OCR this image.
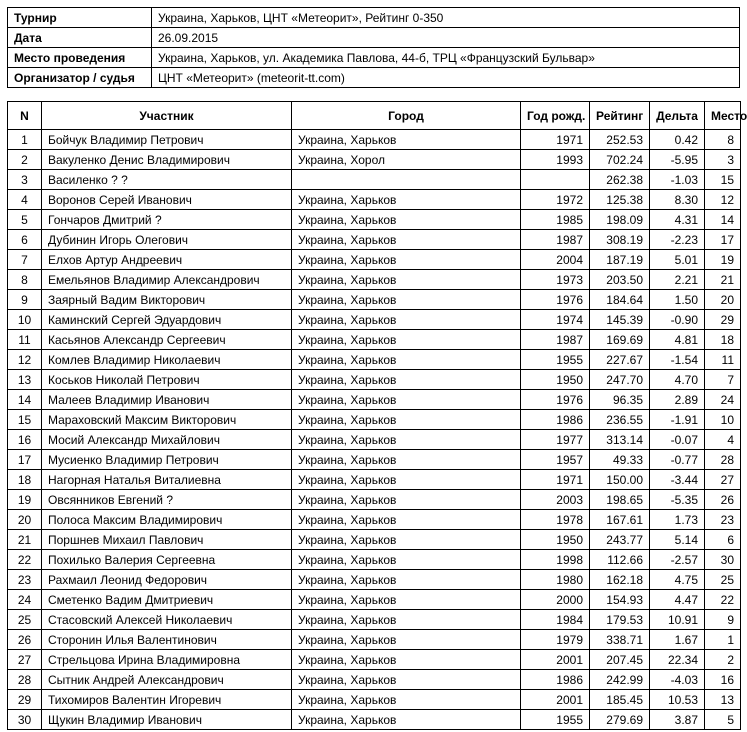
Турнир	Украина, Харьков, ЦНТ «Метеорит», Рейтинг 0-350
Дата	26.09.2015
Место проведения	Украина, Харьков, ул. Академика Павлова, 44-б, ТРЦ «Французский Бульвар»
Организатор / судья	ЦНТ «Метеорит» (meteorit-tt.com)
N	Участник	Город	Год рожд.	Рейтинг	Дельта	Место
1	Бойчук Владимир Петрович	Украина, Харьков	1971	252.53	0.42	8
2	Вакуленко Денис Владимирович	Украина, Хорол	1993	702.24	-5.95	3
3	Василенко ? ?			262.38	-1.03	15
4	Воронов Серей Иванович	Украина, Харьков	1972	125.38	8.30	12
5	Гончаров Дмитрий ?	Украина, Харьков	1985	198.09	4.31	14
6	Дубинин Игорь Олегович	Украина, Харьков	1987	308.19	-2.23	17
7	Елхов Артур Андреевич	Украина, Харьков	2004	187.19	5.01	19
8	Емельянов Владимир Александрович	Украина, Харьков	1973	203.50	2.21	21
9	Заярный Вадим Викторович	Украина, Харьков	1976	184.64	1.50	20
10	Каминский Сергей Эдуардович	Украина, Харьков	1974	145.39	-0.90	29
11	Касьянов Александр Сергеевич	Украина, Харьков	1987	169.69	4.81	18
12	Комлев Владимир Николаевич	Украина, Харьков	1955	227.67	-1.54	11
13	Коськов Николай Петрович	Украина, Харьков	1950	247.70	4.70	7
14	Малеев Владимир Иванович	Украина, Харьков	1976	96.35	2.89	24
15	Мараховский Максим Викторович	Украина, Харьков	1986	236.55	-1.91	10
16	Мосий Александр Михайлович	Украина, Харьков	1977	313.14	-0.07	4
17	Мусиенко Владимир Петрович	Украина, Харьков	1957	49.33	-0.77	28
18	Нагорная Наталья Виталиевна	Украина, Харьков	1971	150.00	-3.44	27
19	Овсянников Евгений ?	Украина, Харьков	2003	198.65	-5.35	26
20	Полоса Максим Владимирович	Украина, Харьков	1978	167.61	1.73	23
21	Поршнев Михаил Павлович	Украина, Харьков	1950	243.77	5.14	6
22	Похилько Валерия Сергеевна	Украина, Харьков	1998	112.66	-2.57	30
23	Рахмаил Леонид Федорович	Украина, Харьков	1980	162.18	4.75	25
24	Сметенко Вадим Дмитриевич	Украина, Харьков	2000	154.93	4.47	22
25	Стасовский Алексей Николаевич	Украина, Харьков	1984	179.53	10.91	9
26	Сторонин Илья Валентинович	Украина, Харьков	1979	338.71	1.67	1
27	Стрельцова Ирина Владимировна	Украина, Харьков	2001	207.45	22.34	2
28	Сытник Андрей Александрович	Украина, Харьков	1986	242.99	-4.03	16
29	Тихомиров Валентин Игоревич	Украина, Харьков	2001	185.45	10.53	13
30	Щукин Владимир Иванович	Украина, Харьков	1955	279.69	3.87	5
